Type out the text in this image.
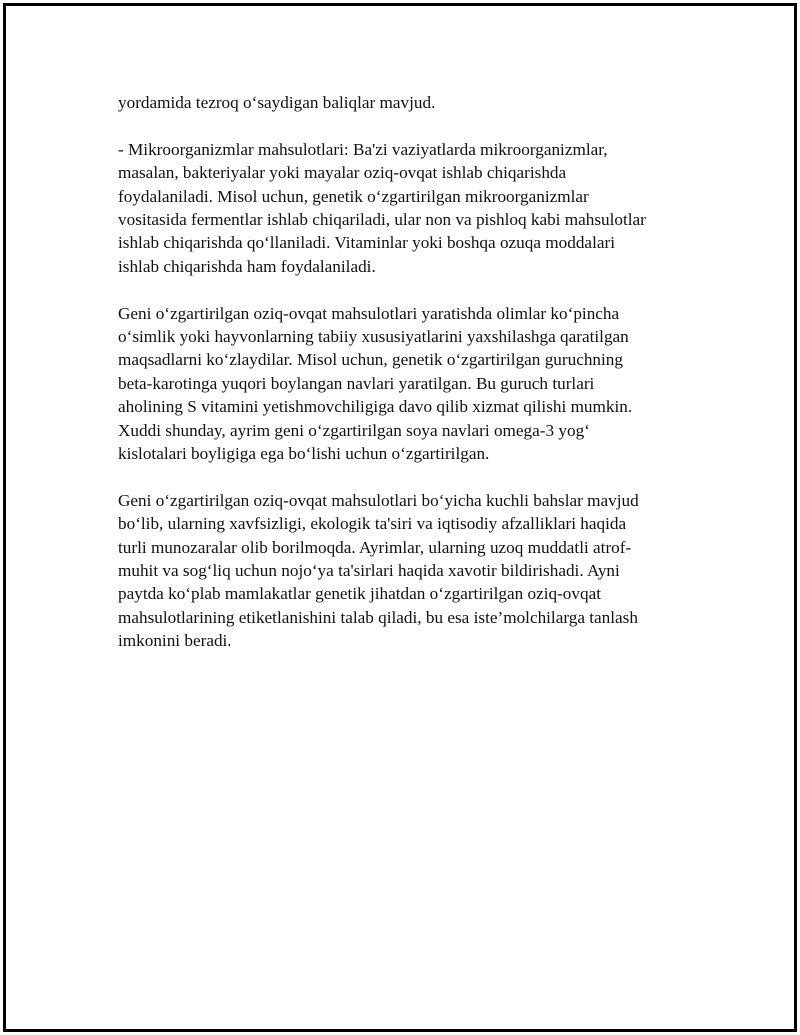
yordamida tezroq o‘saydigan baliqlar mavjud.

- Mikroorganizmlar mahsulotlari: Ba'zi vaziyatlarda mikroorganizmlar,
masalan, bakteriyalar yoki mayalar oziq-ovqat ishlab chiqarishda
foydalaniladi. Misol uchun, genetik o‘zgartirilgan mikroorganizmlar
vositasida fermentlar ishlab chiqariladi, ular non va pishloq kabi mahsulotlar
ishlab chiqarishda qo‘llaniladi. Vitaminlar yoki boshqa ozuqa moddalari
ishlab chiqarishda ham foydalaniladi.

Geni o‘zgartirilgan oziq-ovqat mahsulotlari yaratishda olimlar ko‘pincha
o‘simlik yoki hayvonlarning tabiiy xususiyatlarini yaxshilashga qaratilgan
maqsadlarni ko‘zlaydilar. Misol uchun, genetik o‘zgartirilgan guruchning
beta-karotinga yuqori boylangan navlari yaratilgan. Bu guruch turlari
aholining S vitamini yetishmovchiligiga davo qilib xizmat qilishi mumkin.
Xuddi shunday, ayrim geni o‘zgartirilgan soya navlari omega-3 yog‘
kislotalari boyligiga ega bo‘lishi uchun o‘zgartirilgan.

Geni o‘zgartirilgan oziq-ovqat mahsulotlari bo‘yicha kuchli bahslar mavjud
bo‘lib, ularning xavfsizligi, ekologik ta'siri va iqtisodiy afzalliklari haqida
turli munozaralar olib borilmoqda. Ayrimlar, ularning uzoq muddatli atrof-
muhit va sog‘liq uchun nojo‘ya ta'sirlari haqida xavotir bildirishadi. Ayni
paytda ko‘plab mamlakatlar genetik jihatdan o‘zgartirilgan oziq-ovqat
mahsulotlarining etiketlanishini talab qiladi, bu esa iste’molchilarga tanlash
imkonini beradi.
